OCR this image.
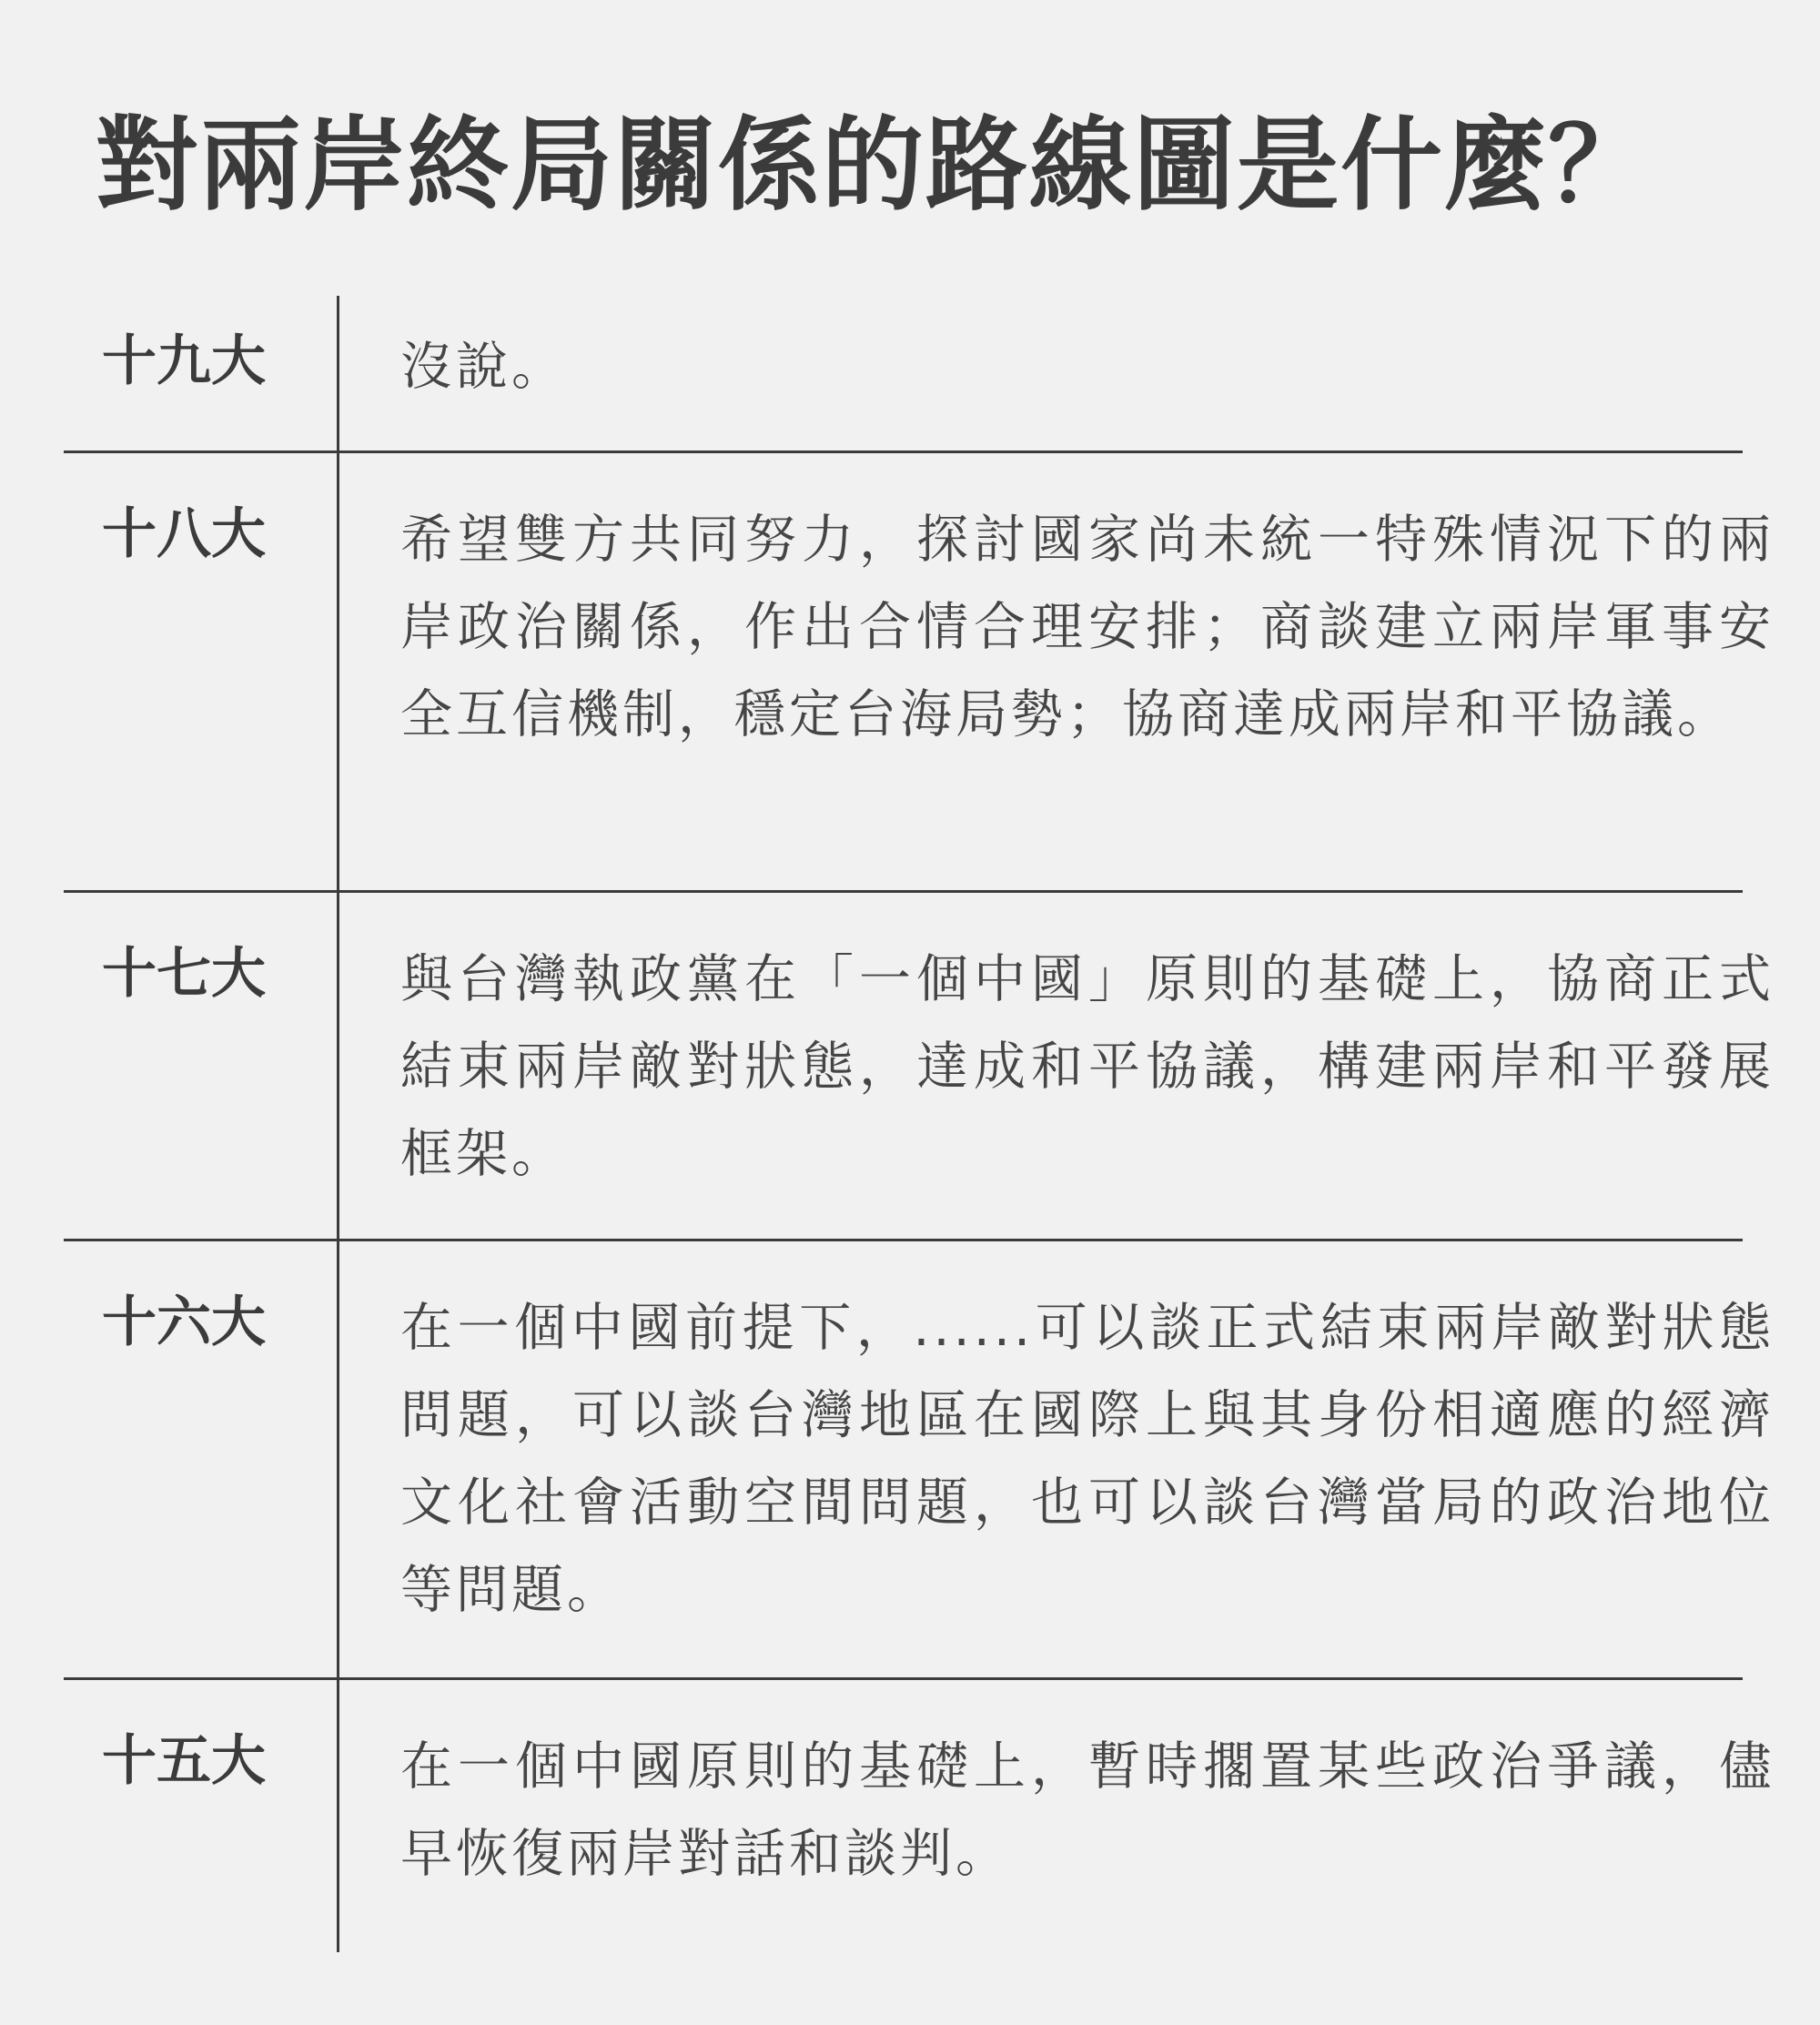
對兩岸終局關係的路線圖是什麼？
十九大	沒說。
十八大	希望雙方共同努力，探討國家尚未統一特殊情況下的兩岸政治關係，作出合情合理安排；商談建立兩岸軍事安全互信機制，穩定台海局勢；協商達成兩岸和平協議。
十七大	與台灣執政黨在「一個中國」原則的基礎上，協商正式結束兩岸敵對狀態，達成和平協議，構建兩岸和平發展框架。
十六大	在一個中國前提下，......可以談正式結束兩岸敵對狀態問題，可以談台灣地區在國際上與其身份相適應的經濟文化社會活動空間問題，也可以談台灣當局的政治地位等問題。
十五大	在一個中國原則的基礎上，暫時擱置某些政治爭議，儘早恢復兩岸對話和談判。
